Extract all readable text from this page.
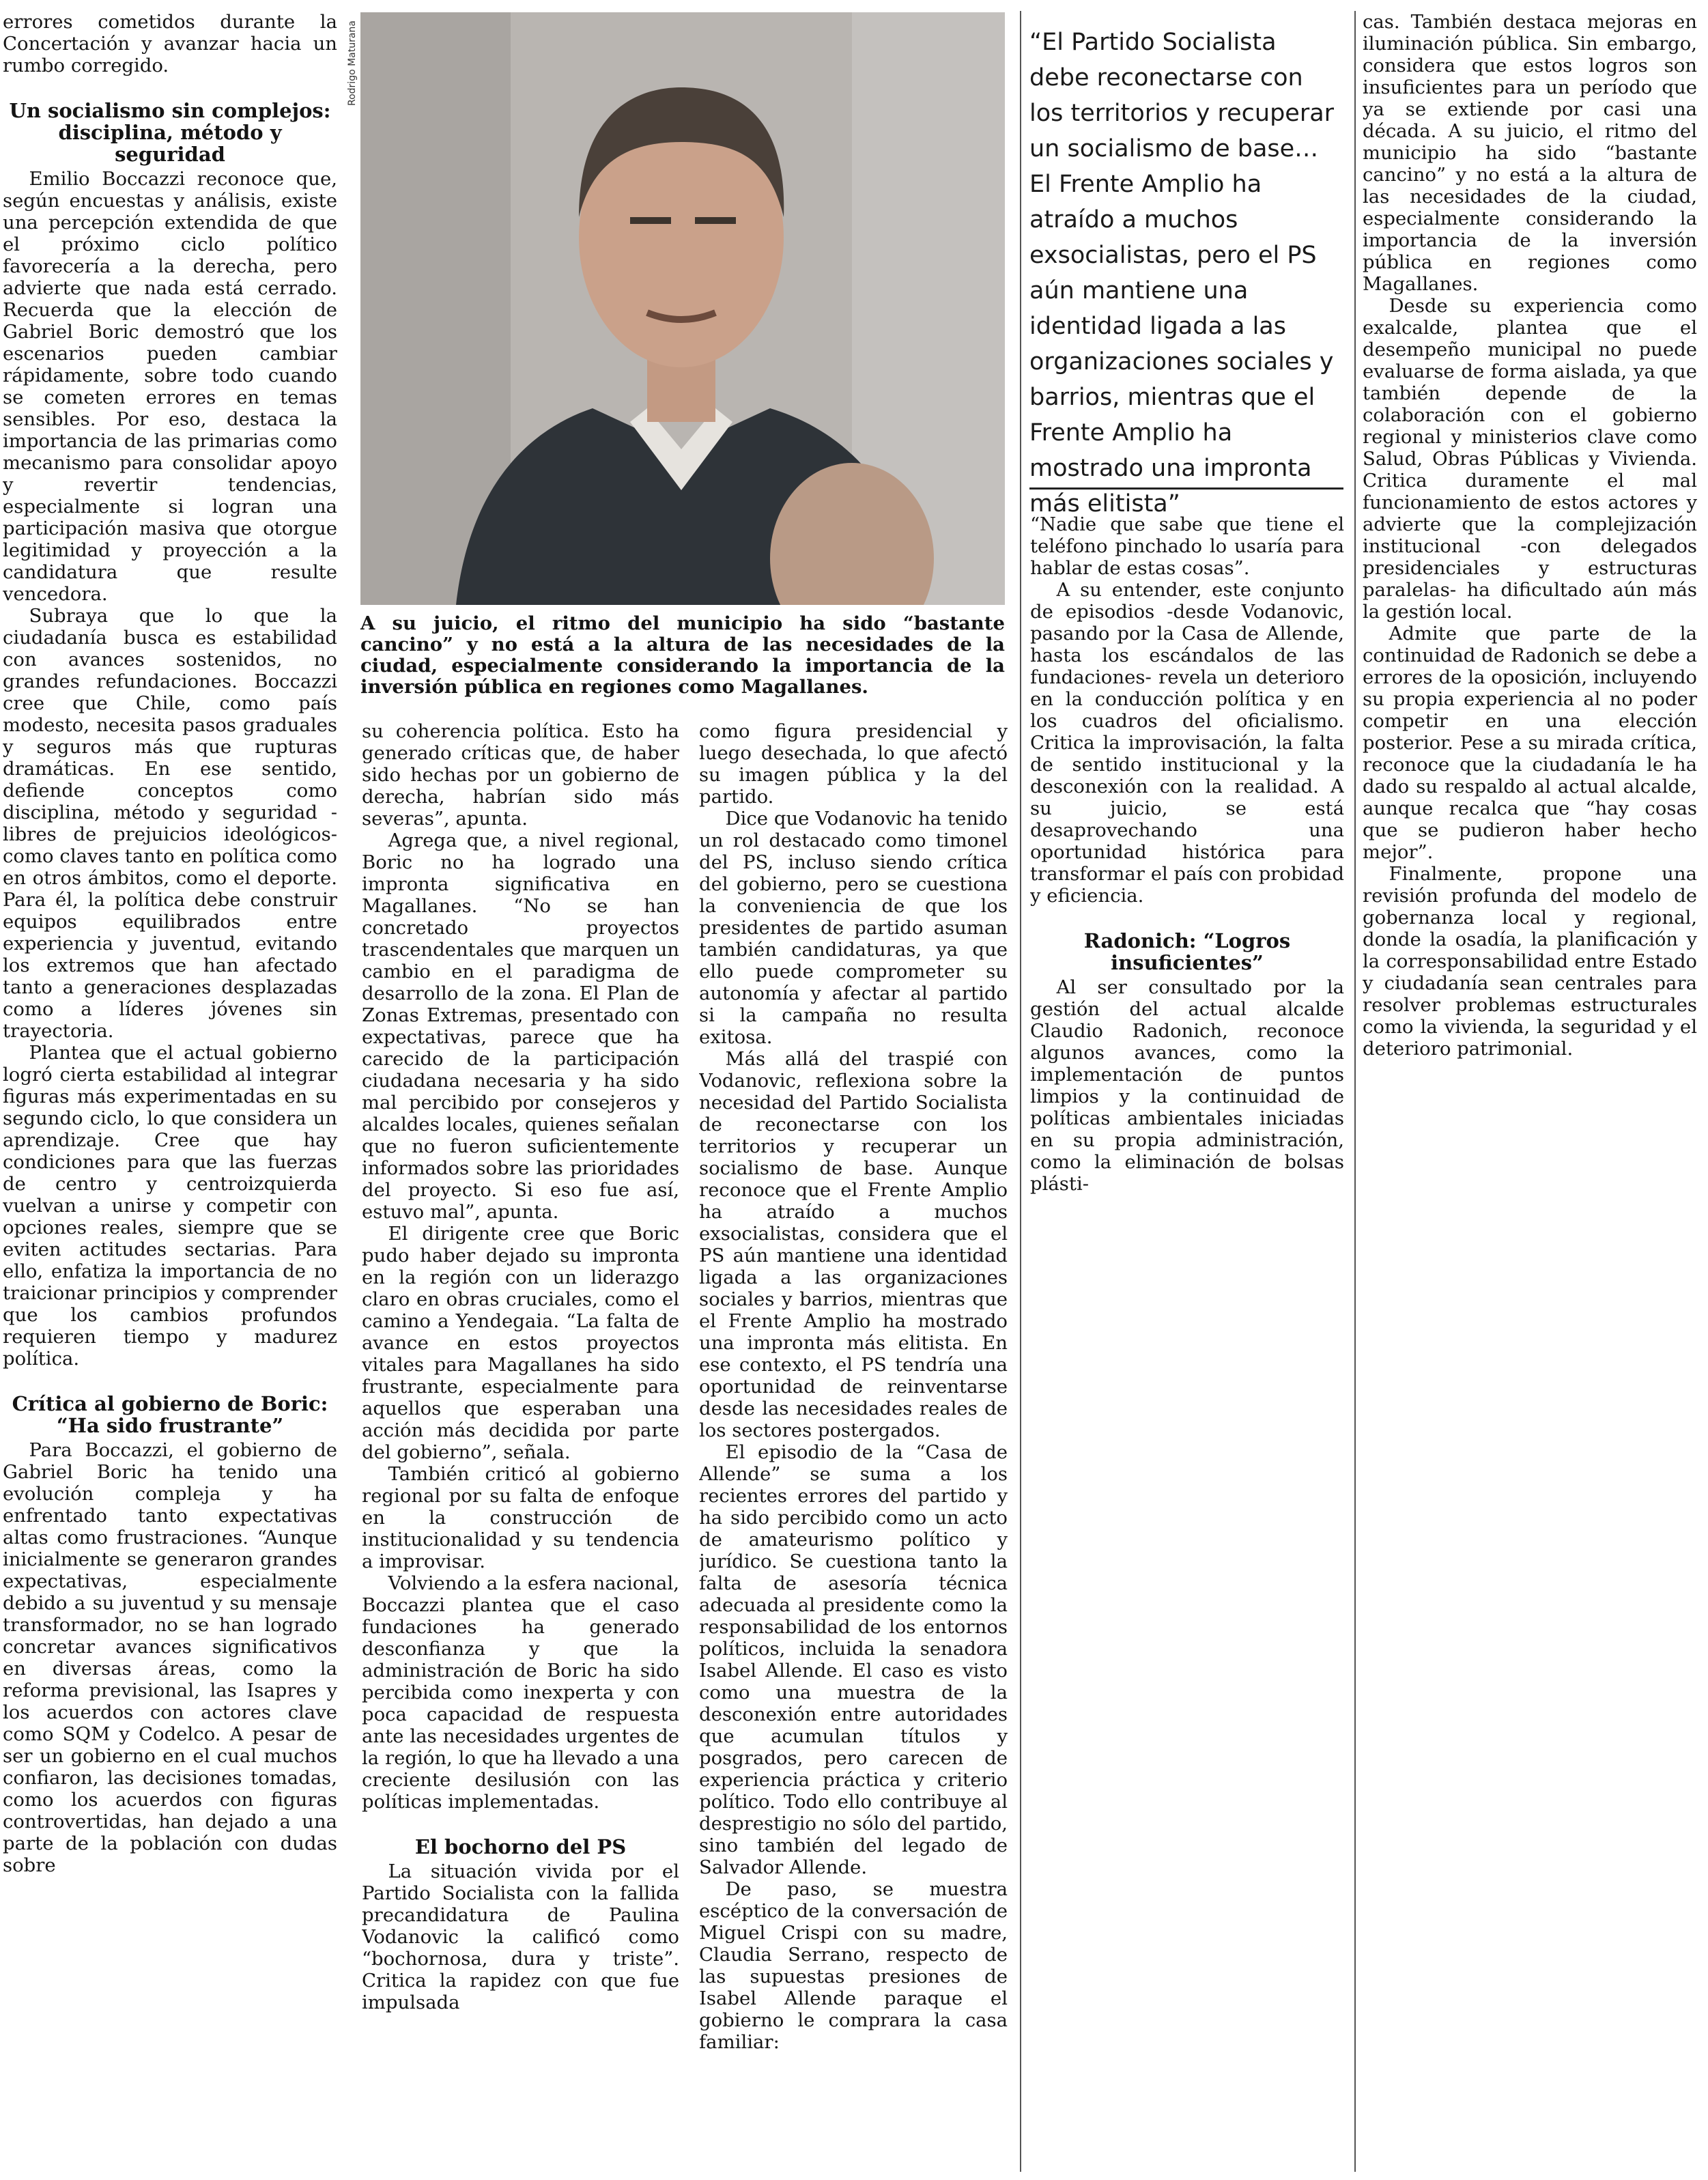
errores cometidos durante la Concertación y avanzar hacia un rumbo corregido.

Un socialismo sin complejos: disciplina, método y seguridad

Emilio Boccazzi reconoce que, según encuestas y análisis, existe una percepción extendida de que el próximo ciclo político favorecería a la derecha, pero advierte que nada está cerrado. Recuerda que la elección de Gabriel Boric demostró que los escenarios pueden cambiar rápidamente, sobre todo cuando se cometen errores en temas sensibles. Por eso, destaca la importancia de las primarias como mecanismo para consolidar apoyo y revertir tendencias, especialmente si logran una participación masiva que otorgue legitimidad y proyección a la candidatura que resulte vencedora.

Subraya que lo que la ciudadanía busca es estabilidad con avances sostenidos, no grandes refundaciones. Boccazzi cree que Chile, como país modesto, necesita pasos graduales y seguros más que rupturas dramáticas. En ese sentido, defiende conceptos como disciplina, método y seguridad -libres de prejuicios ideológicos- como claves tanto en política como en otros ámbitos, como el deporte. Para él, la política debe construir equipos equilibrados entre experiencia y juventud, evitando los extremos que han afectado tanto a generaciones desplazadas como a líderes jóvenes sin trayectoria.

Plantea que el actual gobierno logró cierta estabilidad al integrar figuras más experimentadas en su segundo ciclo, lo que considera un aprendizaje. Cree que hay condiciones para que las fuerzas de centro y centroizquierda vuelvan a unirse y competir con opciones reales, siempre que se eviten actitudes sectarias. Para ello, enfatiza la importancia de no traicionar principios y comprender que los cambios profundos requieren tiempo y madurez política.

Crítica al gobierno de Boric: “Ha sido frustrante”

Para Boccazzi, el gobierno de Gabriel Boric ha tenido una evolución compleja y ha enfrentado tanto expectativas altas como frustraciones. “Aunque inicialmente se generaron grandes expectativas, especialmente debido a su juventud y su mensaje transformador, no se han logrado concretar avances significativos en diversas áreas, como la reforma previsional, las Isapres y los acuerdos con actores clave como SQM y Codelco. A pesar de ser un gobierno en el cual muchos confiaron, las decisiones tomadas, como los acuerdos con figuras controvertidas, han dejado a una parte de la población con dudas sobre

Rodrigo Maturana
A su juicio, el ritmo del municipio ha sido “bastante cancino” y no está a la altura de las necesidades de la ciudad, especialmente considerando la importancia de la inversión pública en regiones como Magallanes.

su coherencia política. Esto ha generado críticas que, de haber sido hechas por un gobierno de derecha, habrían sido más severas”, apunta.

Agrega que, a nivel regional, Boric no ha logrado una impronta significativa en Magallanes. “No se han concretado proyectos trascendentales que marquen un cambio en el paradigma de desarrollo de la zona. El Plan de Zonas Extremas, presentado con expectativas, parece que ha carecido de la participación ciudadana necesaria y ha sido mal percibido por consejeros y alcaldes locales, quienes señalan que no fueron suficientemente informados sobre las prioridades del proyecto. Si eso fue así, estuvo mal”, apunta.

El dirigente cree que Boric pudo haber dejado su impronta en la región con un liderazgo claro en obras cruciales, como el camino a Yendegaia. “La falta de avance en estos proyectos vitales para Magallanes ha sido frustrante, especialmente para aquellos que esperaban una acción más decidida por parte del gobierno”, señala.

También criticó al gobierno regional por su falta de enfoque en la construcción de institucionalidad y su tendencia a improvisar.

Volviendo a la esfera nacional, Boccazzi plantea que el caso fundaciones ha generado desconfianza y que la administración de Boric ha sido percibida como inexperta y con poca capacidad de respuesta ante las necesidades urgentes de la región, lo que ha llevado a una creciente desilusión con las políticas implementadas.

El bochorno del PS

La situación vivida por el Partido Socialista con la fallida precandidatura de Paulina Vodanovic la calificó como “bochornosa, dura y triste”. Critica la rapidez con que fue impulsada

como figura presidencial y luego desechada, lo que afectó su imagen pública y la del partido.

Dice que Vodanovic ha tenido un rol destacado como timonel del PS, incluso siendo crítica del gobierno, pero se cuestiona la conveniencia de que los presidentes de partido asuman también candidaturas, ya que ello puede comprometer su autonomía y afectar al partido si la campaña no resulta exitosa.

Más allá del traspié con Vodanovic, reflexiona sobre la necesidad del Partido Socialista de reconectarse con los territorios y recuperar un socialismo de base. Aunque reconoce que el Frente Amplio ha atraído a muchos exsocialistas, considera que el PS aún mantiene una identidad ligada a las organizaciones sociales y barrios, mientras que el Frente Amplio ha mostrado una impronta más elitista. En ese contexto, el PS tendría una oportunidad de reinventarse desde las necesidades reales de los sectores postergados.

El episodio de la “Casa de Allende” se suma a los recientes errores del partido y ha sido percibido como un acto de amateurismo político y jurídico. Se cuestiona tanto la falta de asesoría técnica adecuada al presidente como la responsabilidad de los entornos políticos, incluida la senadora Isabel Allende. El caso es visto como una muestra de la desconexión entre autoridades que acumulan títulos y posgrados, pero carecen de experiencia práctica y criterio político. Todo ello contribuye al desprestigio no sólo del partido, sino también del legado de Salvador Allende.

De paso, se muestra escéptico de la conversación de Miguel Crispi con su madre, Claudia Serrano, respecto de las supuestas presiones de Isabel Allende paraque el gobierno le comprara la casa familiar:

“El Partido Socialista debe reconectarse con los territorios y recuperar un socialismo de base… El Frente Amplio ha atraído a muchos exsocialistas, pero el PS aún mantiene una identidad ligada a las organizaciones sociales y barrios, mientras que el Frente Amplio ha mostrado una impronta más elitista”

“Nadie que sabe que tiene el teléfono pinchado lo usaría para hablar de estas cosas”.

A su entender, este conjunto de episodios -desde Vodanovic, pasando por la Casa de Allende, hasta los escándalos de las fundaciones- revela un deterioro en la conducción política y en los cuadros del oficialismo. Critica la improvisación, la falta de sentido institucional y la desconexión con la realidad. A su juicio, se está desaprovechando una oportunidad histórica para transformar el país con probidad y eficiencia.

Radonich: “Logros insuficientes”

Al ser consultado por la gestión del actual alcalde Claudio Radonich, reconoce algunos avances, como la implementación de puntos limpios y la continuidad de políticas ambientales iniciadas en su propia administración, como la eliminación de bolsas plásti-

cas. También destaca mejoras en iluminación pública. Sin embargo, considera que estos logros son insuficientes para un período que ya se extiende por casi una década. A su juicio, el ritmo del municipio ha sido “bastante cancino” y no está a la altura de las necesidades de la ciudad, especialmente considerando la importancia de la inversión pública en regiones como Magallanes.

Desde su experiencia como exalcalde, plantea que el desempeño municipal no puede evaluarse de forma aislada, ya que también depende de la colaboración con el gobierno regional y ministerios clave como Salud, Obras Públicas y Vivienda. Critica duramente el mal funcionamiento de estos actores y advierte que la complejización institucional -con delegados presidenciales y estructuras paralelas- ha dificultado aún más la gestión local.

Admite que parte de la continuidad de Radonich se debe a errores de la oposición, incluyendo su propia experiencia al no poder competir en una elección posterior. Pese a su mirada crítica, reconoce que la ciudadanía le ha dado su respaldo al actual alcalde, aunque recalca que “hay cosas que se pudieron haber hecho mejor”.

Finalmente, propone una revisión profunda del modelo de gobernanza local y regional, donde la osadía, la planificación y la corresponsabilidad entre Estado y ciudadanía sean centrales para resolver problemas estructurales como la vivienda, la seguridad y el deterioro patrimonial.
